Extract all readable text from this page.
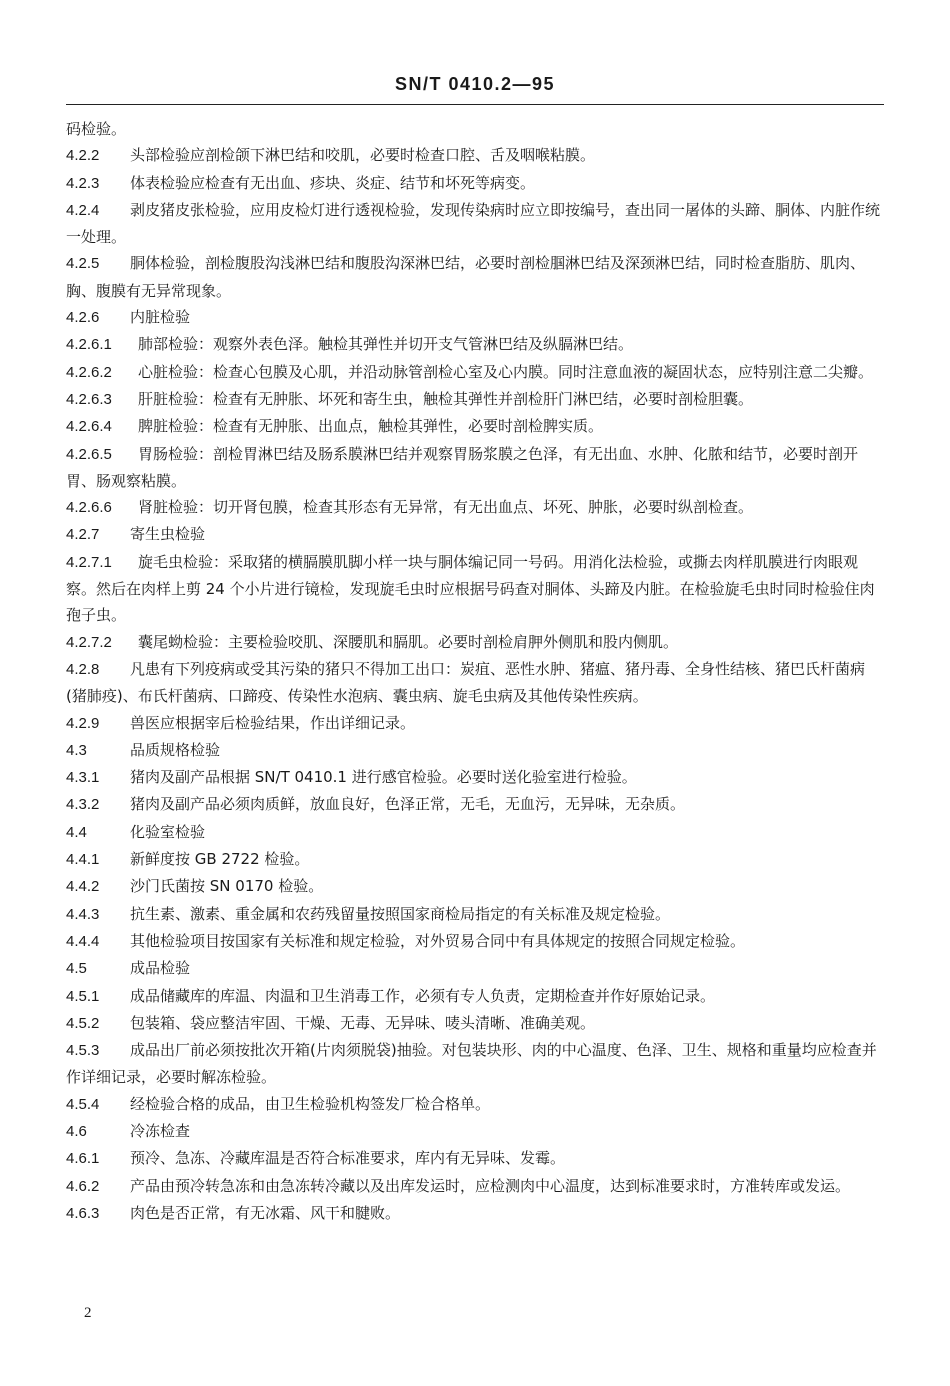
SN/T 0410.2—95

码检验。

4.2.2 头部检验应剖检颌下淋巴结和咬肌，必要时检查口腔、舌及咽喉粘膜。

4.2.3 体表检验应检查有无出血、疹块、炎症、结节和坏死等病变。

4.2.4 剥皮猪皮张检验，应用皮检灯进行透视检验，发现传染病时应立即按编号，查出同一屠体的头蹄、胴体、内脏作统一处理。

4.2.5 胴体检验，剖检腹股沟浅淋巴结和腹股沟深淋巴结，必要时剖检腘淋巴结及深颈淋巴结，同时检查脂肪、肌肉、胸、腹膜有无异常现象。

4.2.6 内脏检验

4.2.6.1 肺部检验：观察外表色泽。触检其弹性并切开支气管淋巴结及纵膈淋巴结。

4.2.6.2 心脏检验：检查心包膜及心肌，并沿动脉管剖检心室及心内膜。同时注意血液的凝固状态，应特别注意二尖瓣。

4.2.6.3 肝脏检验：检查有无肿胀、坏死和寄生虫，触检其弹性并剖检肝门淋巴结，必要时剖检胆囊。

4.2.6.4 脾脏检验：检查有无肿胀、出血点，触检其弹性，必要时剖检脾实质。

4.2.6.5 胃肠检验：剖检胃淋巴结及肠系膜淋巴结并观察胃肠浆膜之色泽，有无出血、水肿、化脓和结节，必要时剖开胃、肠观察粘膜。

4.2.6.6 肾脏检验：切开肾包膜，检查其形态有无异常，有无出血点、坏死、肿胀，必要时纵剖检查。

4.2.7 寄生虫检验

4.2.7.1 旋毛虫检验：采取猪的横膈膜肌脚小样一块与胴体编记同一号码。用消化法检验，或撕去肉样肌膜进行肉眼观察。然后在肉样上剪 24 个小片进行镜检，发现旋毛虫时应根据号码查对胴体、头蹄及内脏。在检验旋毛虫时同时检验住肉孢子虫。

4.2.7.2 囊尾蚴检验：主要检验咬肌、深腰肌和膈肌。必要时剖检肩胛外侧肌和股内侧肌。

4.2.8 凡患有下列疫病或受其污染的猪只不得加工出口：炭疽、恶性水肿、猪瘟、猪丹毒、全身性结核、猪巴氏杆菌病(猪肺疫)、布氏杆菌病、口蹄疫、传染性水泡病、囊虫病、旋毛虫病及其他传染性疾病。

4.2.9 兽医应根据宰后检验结果，作出详细记录。

4.3	品质规格检验

4.3.1 猪肉及副产品根据 SN/T 0410.1 进行感官检验。必要时送化验室进行检验。

4.3.2 猪肉及副产品必须肉质鲜，放血良好，色泽正常，无毛，无血污，无异味，无杂质。

4.4	化验室检验

4.4.1 新鲜度按 GB 2722 检验。

4.4.2 沙门氏菌按 SN 0170 检验。

4.4.3 抗生素、激素、重金属和农药残留量按照国家商检局指定的有关标准及规定检验。

4.4.4 其他检验项目按国家有关标准和规定检验，对外贸易合同中有具体规定的按照合同规定检验。

4.5	成品检验

4.5.1 成品储藏库的库温、肉温和卫生消毒工作，必须有专人负责，定期检查并作好原始记录。

4.5.2 包装箱、袋应整洁牢固、干燥、无毒、无异味、唛头清晰、准确美观。

4.5.3 成品出厂前必须按批次开箱(片肉须脱袋)抽验。对包装块形、肉的中心温度、色泽、卫生、规格和重量均应检查并作详细记录，必要时解冻检验。

4.5.4 经检验合格的成品，由卫生检验机构签发厂检合格单。

4.6	冷冻检查

4.6.1 预冷、急冻、冷藏库温是否符合标准要求，库内有无异味、发霉。

4.6.2 产品由预冷转急冻和由急冻转冷藏以及出库发运时，应检测肉中心温度，达到标准要求时，方准转库或发运。

4.6.3 肉色是否正常，有无冰霜、风干和腱败。

2
